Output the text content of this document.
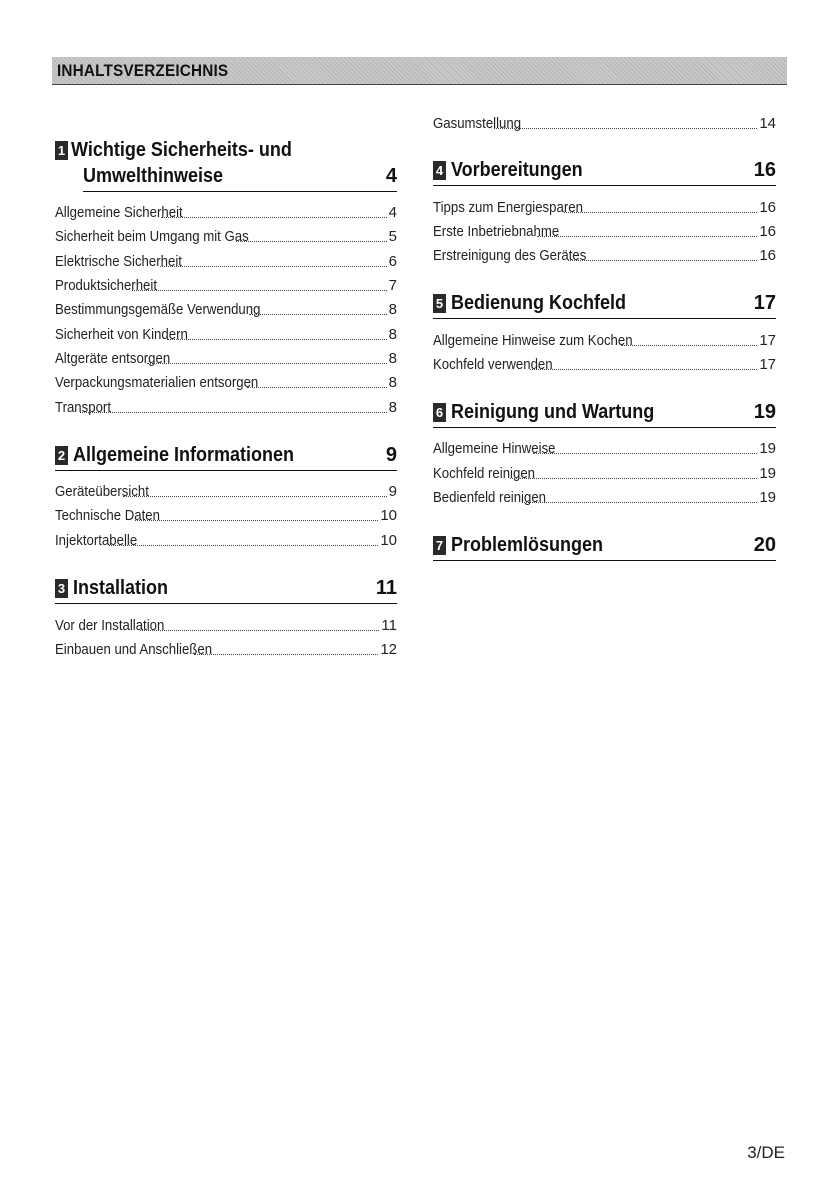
INHALTSVERZEICHNIS
1 Wichtige Sicherheits- und
Umwelthinweise	4
Allgemeine Sicherheit	4
Sicherheit beim Umgang mit Gas	5
Elektrische Sicherheit	6
Produktsicherheit	7
Bestimmungsgemäße Verwendung	8
Sicherheit von Kindern	8
Altgeräte entsorgen	8
Verpackungsmaterialien entsorgen	8
Transport	8
2 Allgemeine Informationen	9
Geräteübersicht	9
Technische Daten	10
Injektortabelle	10
3 Installation	11
Vor der Installation	11
Einbauen und Anschließen	12
Gasumstellung	14
4 Vorbereitungen	16
Tipps zum Energiesparen	16
Erste Inbetriebnahme	16
Erstreinigung des Gerätes	16
5 Bedienung Kochfeld	17
Allgemeine Hinweise zum Kochen	17
Kochfeld verwenden	17
6 Reinigung und Wartung	19
Allgemeine Hinweise	19
Kochfeld reinigen	19
Bedienfeld reinigen	19
7 Problemlösungen	20
3/DE
